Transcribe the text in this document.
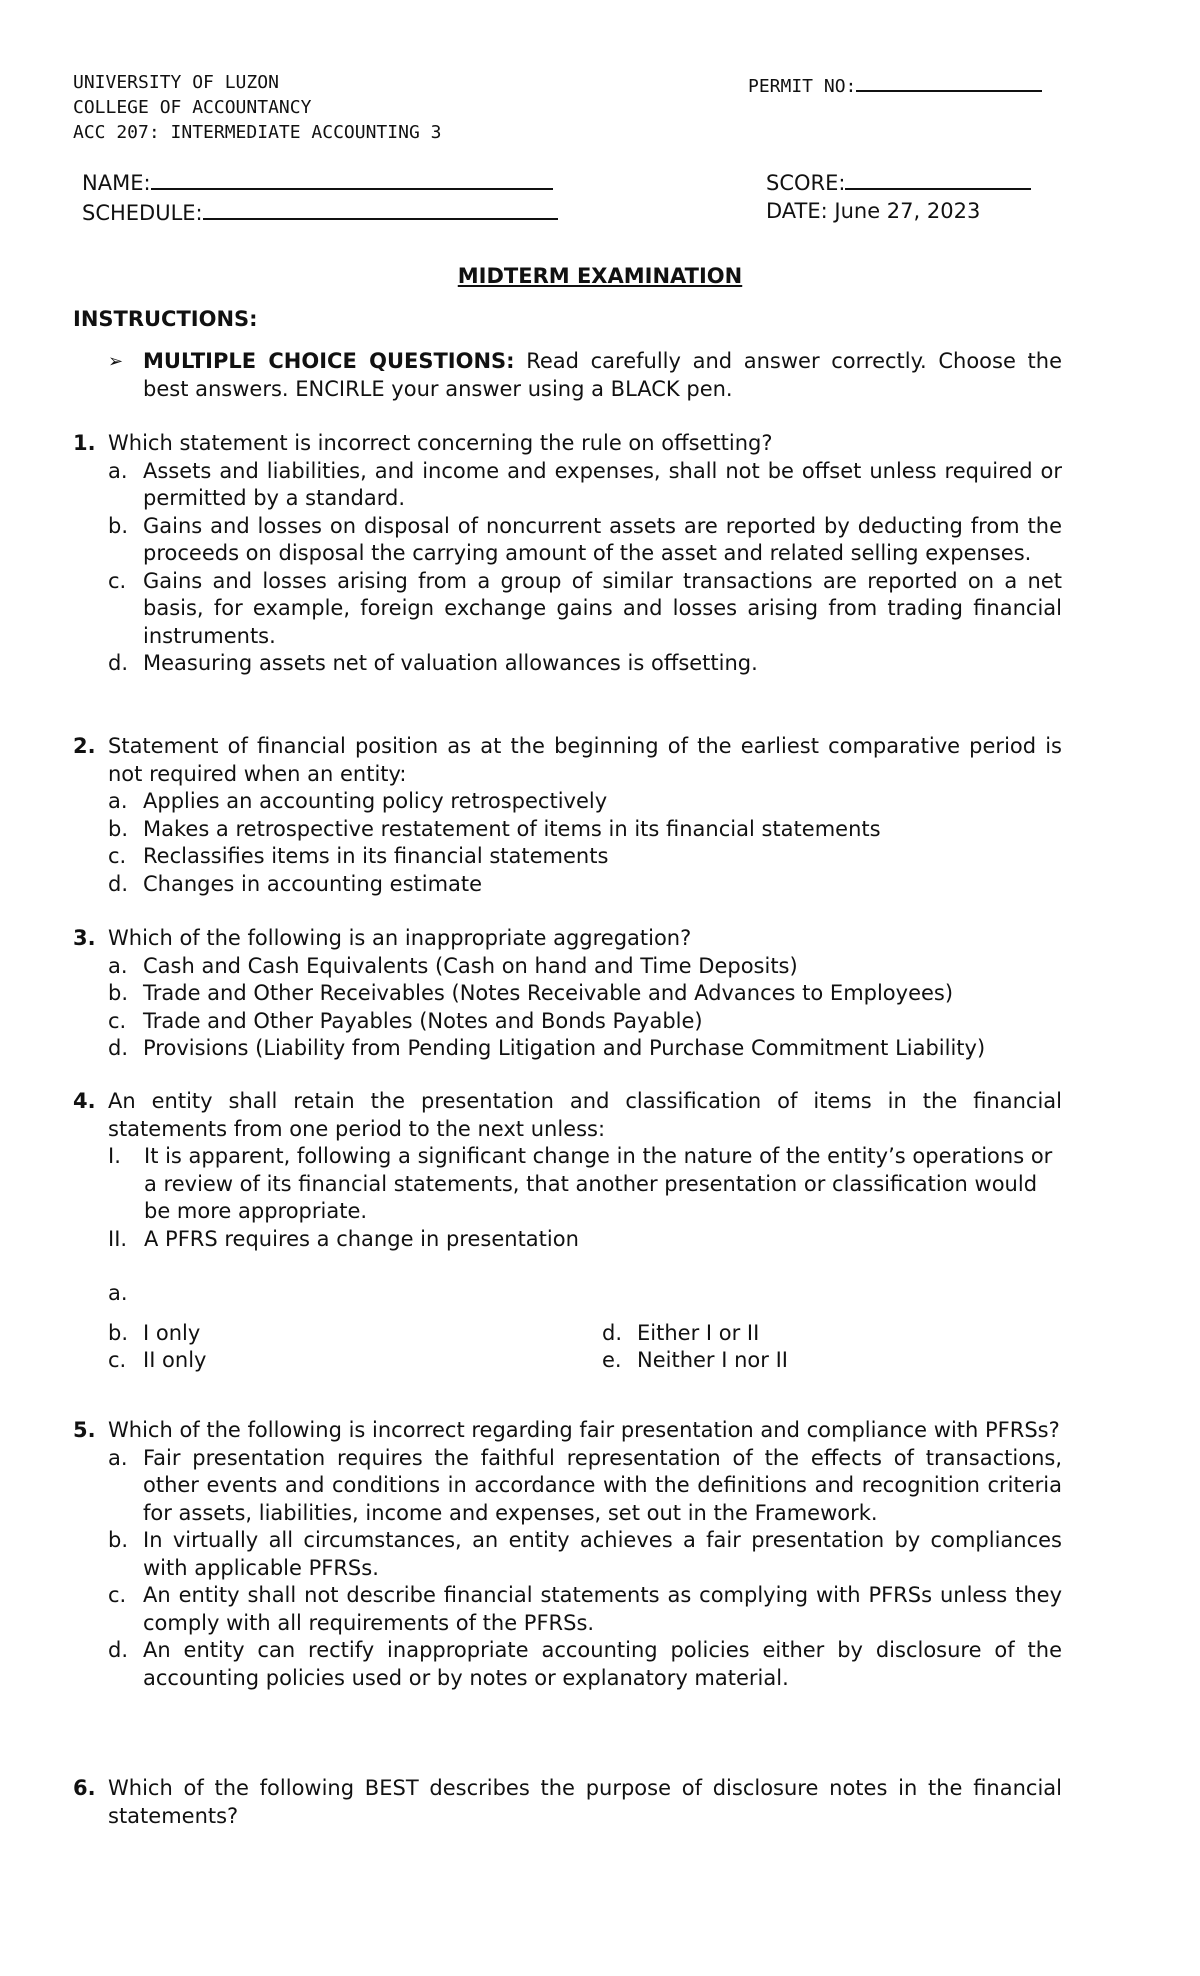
UNIVERSITY OF LUZON
COLLEGE OF ACCOUNTANCY
ACC 207: INTERMEDIATE ACCOUNTING 3
PERMIT NO:
NAME:
SCHEDULE:
SCORE:
DATE: June 27, 2023
MIDTERM EXAMINATION
INSTRUCTIONS:
➢ MULTIPLE CHOICE QUESTIONS: Read carefully and answer correctly. Choose the best answers. ENCIRLE your answer using a BLACK pen.
1. Which statement is incorrect concerning the rule on offsetting?
a. Assets and liabilities, and income and expenses, shall not be offset unless required or permitted by a standard.
b. Gains and losses on disposal of noncurrent assets are reported by deducting from the proceeds on disposal the carrying amount of the asset and related selling expenses.
c. Gains and losses arising from a group of similar transactions are reported on a net basis, for example, foreign exchange gains and losses arising from trading financial instruments.
d. Measuring assets net of valuation allowances is offsetting.
2. Statement of financial position as at the beginning of the earliest comparative period is not required when an entity:
a. Applies an accounting policy retrospectively
b. Makes a retrospective restatement of items in its financial statements
c. Reclassifies items in its financial statements
d. Changes in accounting estimate
3. Which of the following is an inappropriate aggregation?
a. Cash and Cash Equivalents (Cash on hand and Time Deposits)
b. Trade and Other Receivables (Notes Receivable and Advances to Employees)
c. Trade and Other Payables (Notes and Bonds Payable)
d. Provisions (Liability from Pending Litigation and Purchase Commitment Liability)
4. An entity shall retain the presentation and classification of items in the financial statements from one period to the next unless:
I. It is apparent, following a significant change in the nature of the entity’s operations or a review of its financial statements, that another presentation or classification would be more appropriate.
II. A PFRS requires a change in presentation
a.

b. I only
c. II only
d. Either I or II
e. Neither I nor II
5. Which of the following is incorrect regarding fair presentation and compliance with PFRSs?
a. Fair presentation requires the faithful representation of the effects of transactions, other events and conditions in accordance with the definitions and recognition criteria for assets, liabilities, income and expenses, set out in the Framework.
b. In virtually all circumstances, an entity achieves a fair presentation by compliances with applicable PFRSs.
c. An entity shall not describe financial statements as complying with PFRSs unless they comply with all requirements of the PFRSs.
d. An entity can rectify inappropriate accounting policies either by disclosure of the accounting policies used or by notes or explanatory material.
6. Which of the following BEST describes the purpose of disclosure notes in the financial statements?
